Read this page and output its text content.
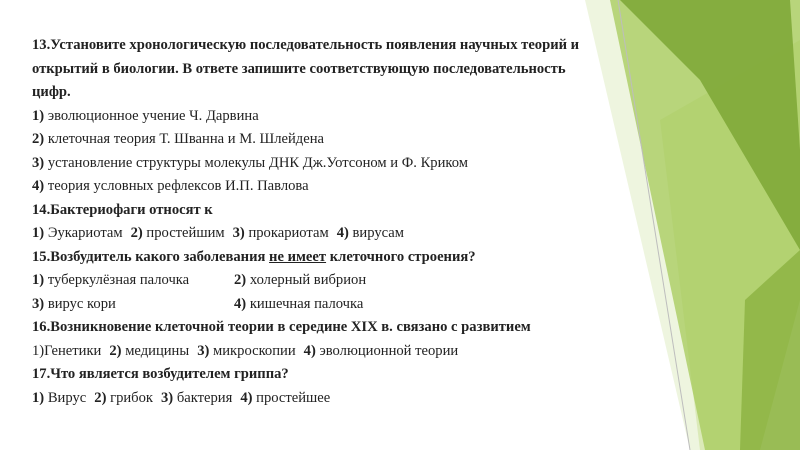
13.Установите хронологическую последовательность появления научных теорий и
открытий в биологии. В ответе запишите соответствующую последовательность
цифр.
1) эволюционное учение Ч. Дарвина
2) клеточная теория Т. Шванна и М. Шлейдена
3) установление структуры молекулы ДНК Дж.Уотсоном и Ф. Криком
4) теория условных рефлексов И.П. Павлова
14.Бактериофаги относят к
1) Эукариотам 2) простейшим 3) прокариотам 4) вирусам
15.Возбудитель какого заболевания не имеет клеточного строения?
1) туберкулёзная палочка	2) холерный вибрион
3) вирус кори	4) кишечная палочка
16.Возникновение клеточной теории в середине XIX в. связано с развитием
1)Генетики 2) медицины 3) микроскопии 4) эволюционной теории
17.Что является возбудителем гриппа?
1) Вирус 2) грибок 3) бактерия 4) простейшее
